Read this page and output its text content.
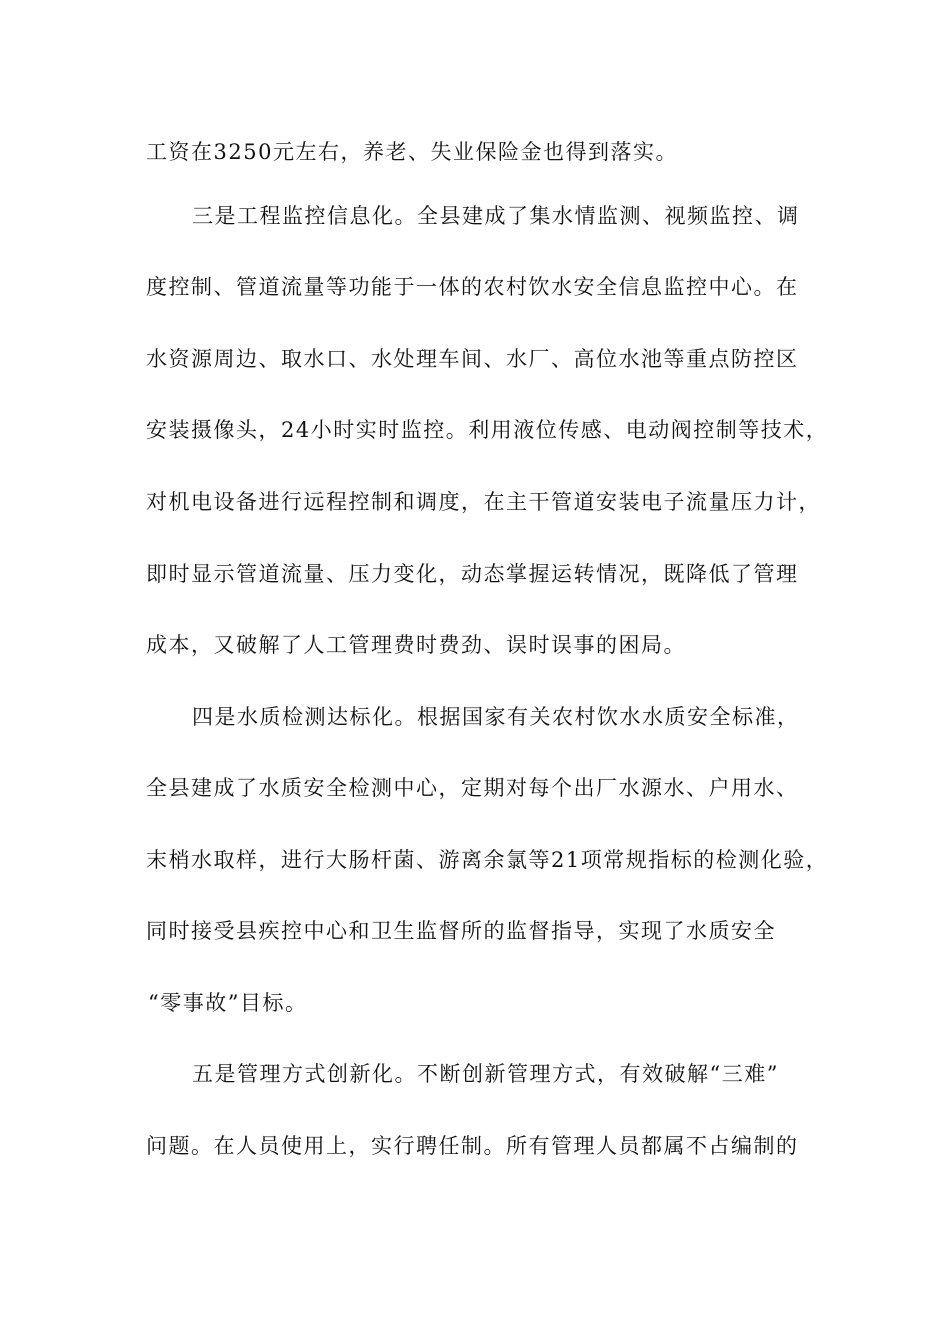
工资在3250元左右，养老、失业保险金也得到落实。
三是工程监控信息化。全县建成了集水情监测、视频监控、调
度控制、管道流量等功能于一体的农村饮水安全信息监控中心。在
水资源周边、取水口、水处理车间、水厂、高位水池等重点防控区
安装摄像头，24小时实时监控。利用液位传感、电动阀控制等技术，
对机电设备进行远程控制和调度，在主干管道安装电子流量压力计，
即时显示管道流量、压力变化，动态掌握运转情况，既降低了管理
成本，又破解了人工管理费时费劲、误时误事的困局。
四是水质检测达标化。根据国家有关农村饮水水质安全标准，
全县建成了水质安全检测中心，定期对每个出厂水源水、户用水、
末梢水取样，进行大肠杆菌、游离余氯等21项常规指标的检测化验，
同时接受县疾控中心和卫生监督所的监督指导，实现了水质安全
“零事故”目标。
五是管理方式创新化。不断创新管理方式，有效破解“三难”
问题。在人员使用上，实行聘任制。所有管理人员都属不占编制的
